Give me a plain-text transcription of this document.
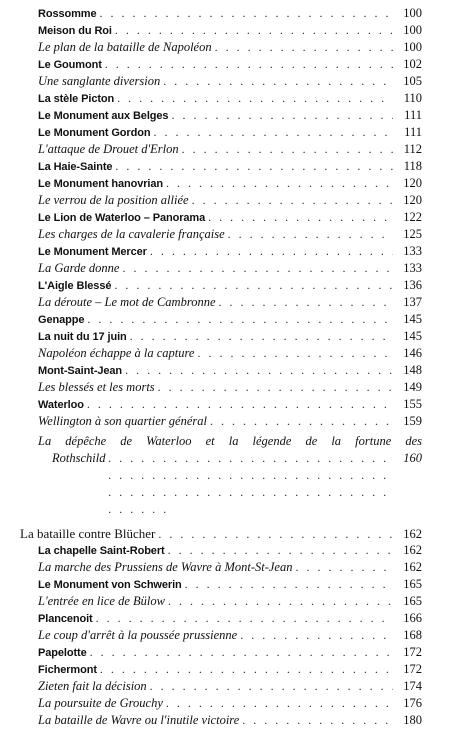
Rossomme . . .	100
Meison du Roi . . .	100
Le plan de la bataille de Napoléon . . .	100
Le Goumont . . .	102
Une sanglante diversion . . .	105
La stèle Picton . . .	110
Le Monument aux Belges . . .	111
Le Monument Gordon . . .	111
L'attaque de Drouet d'Erlon . . .	112
La Haie-Sainte . . .	118
Le Monument hanovrian . . .	120
Le verrou de la position alliée . . .	120
Le Lion de Waterloo – Panorama . . .	122
Les charges de la cavalerie française . . .	125
Le Monument Mercer . . .	133
La Garde donne . . .	133
L'Aigle Blessé . . .	136
La déroute – Le mot de Cambronne . . .	137
Genappe . . .	145
La nuit du 17 juin . . .	145
Napoléon échappe à la capture . . .	146
Mont-Saint-Jean . . .	148
Les blessés et les morts . . .	149
Waterloo . . .	155
Wellington à son quartier général . . .	159
La dépêche de Waterloo et la légende de la fortune des
Rothschild . . .	160
La bataille contre Blücher . . .	162
La chapelle Saint-Robert . . .	162
La marche des Prussiens de Wavre à Mont-St-Jean . . .	162
Le Monument von Schwerin . . .	165
L'entrée en lice de Bülow . . .	165
Plancenoit . . .	166
Le coup d'arrêt à la poussée prussienne . . .	168
Papelotte . . .	172
Fichermont . . .	172
Zieten fait la décision . . .	174
La poursuite de Grouchy . . .	176
La bataille de Wavre ou l'inutile victoire . . .	180
